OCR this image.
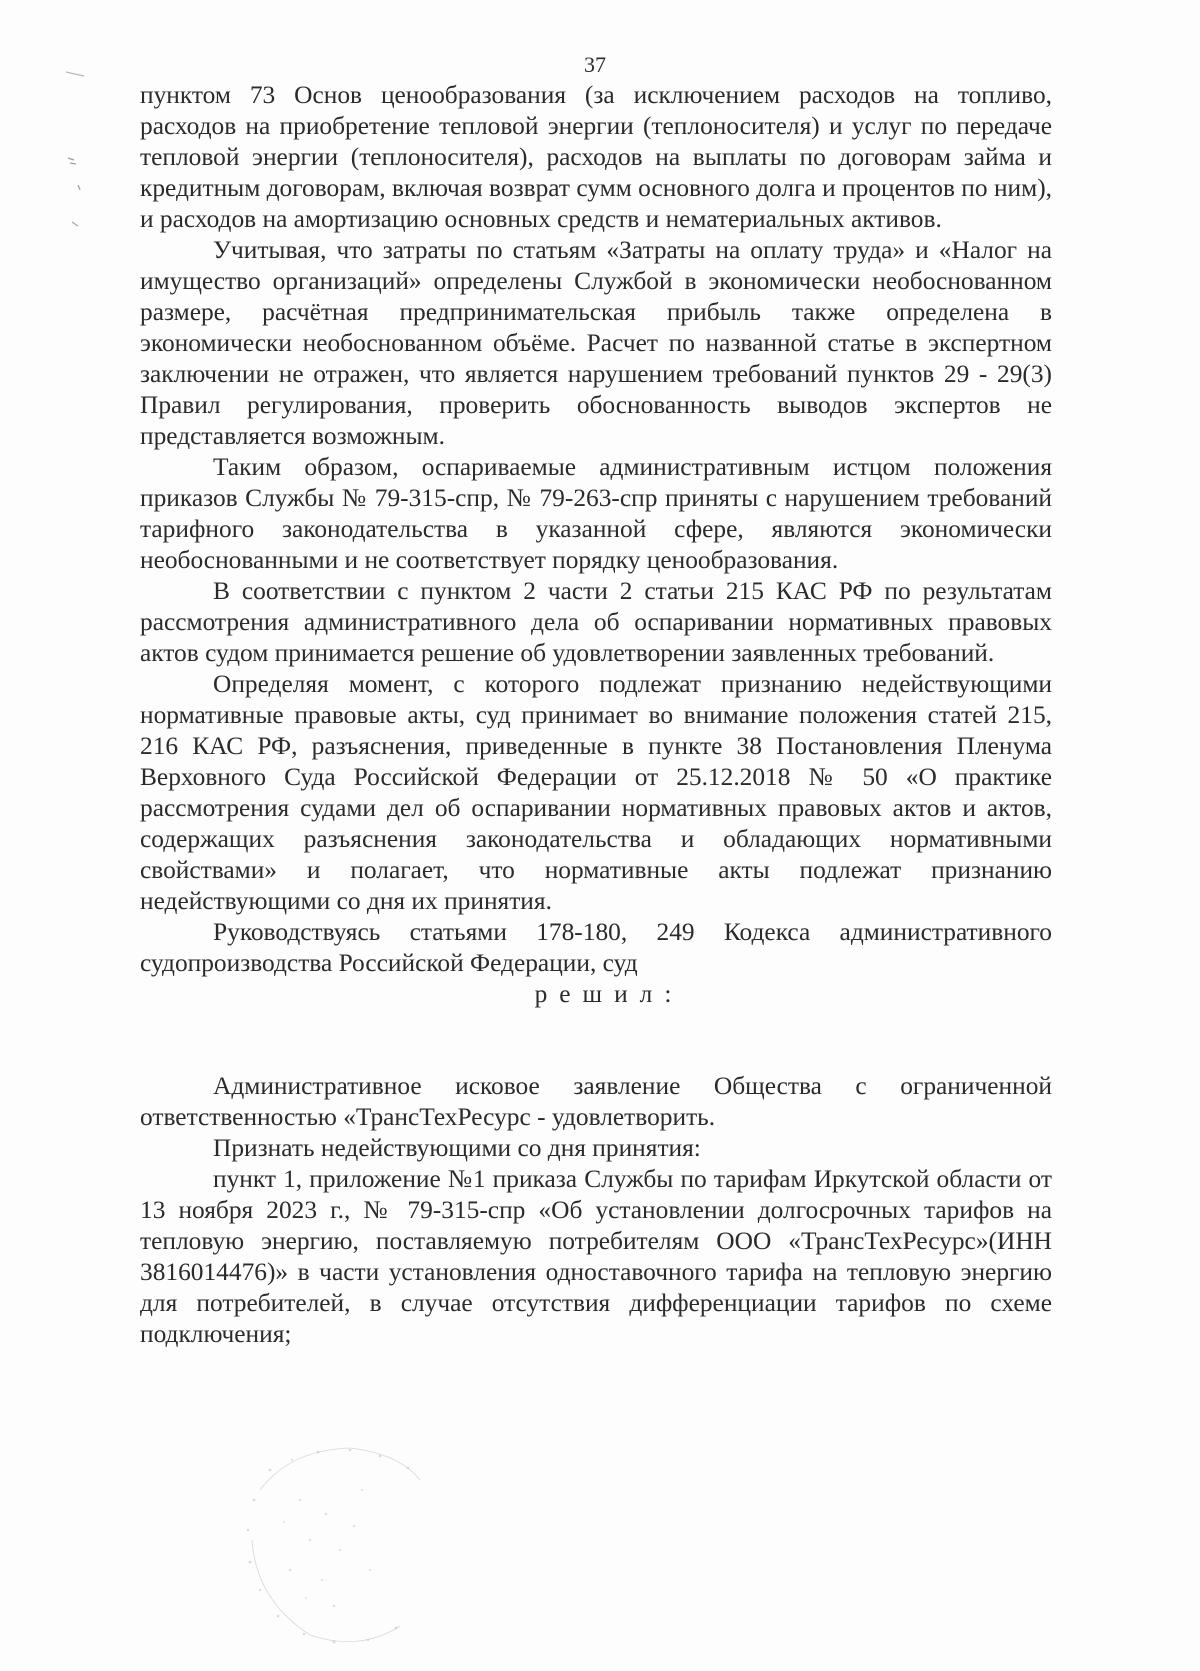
37

пунктом 73 Основ ценообразования (за исключением расходов на топливо, расходов на приобретение тепловой энергии (теплоносителя) и услуг по передаче тепловой энергии (теплоносителя), расходов на выплаты по договорам займа и кредитным договорам, включая возврат сумм основного долга и процентов по ним), и расходов на амортизацию основных средств и нематериальных активов.

Учитывая, что затраты по статьям «Затраты на оплату труда» и «Налог на имущество организаций» определены Службой в экономически необоснованном размере, расчётная предпринимательская прибыль также определена в экономически необоснованном объёме. Расчет по названной статье в экспертном заключении не отражен, что является нарушением требований пунктов 29 - 29(3) Правил регулирования, проверить обоснованность выводов экспертов не представляется возможным.

Таким образом, оспариваемые административным истцом положения приказов Службы № 79-315-спр, № 79-263-спр приняты с нарушением требований тарифного законодательства в указанной сфере, являются экономически необоснованными и не соответствует порядку ценообразования.

В соответствии с пунктом 2 части 2 статьи 215 КАС РФ по результатам рассмотрения административного дела об оспаривании нормативных правовых актов судом принимается решение об удовлетворении заявленных требований.

Определяя момент, с которого подлежат признанию недействующими нормативные правовые акты, суд принимает во внимание положения статей 215, 216 КАС РФ, разъяснения, приведенные в пункте 38 Постановления Пленума Верховного Суда Российской Федерации от 25.12.2018 № 50 «О практике рассмотрения судами дел об оспаривании нормативных правовых актов и актов, содержащих разъяснения законодательства и обладающих нормативными свойствами» и полагает, что нормативные акты подлежат признанию недействующими со дня их принятия.

Руководствуясь статьями 178-180, 249 Кодекса административного судопроизводства Российской Федерации, суд

решил:

Административное исковое заявление Общества с ограниченной ответственностью «ТрансТехРесурс - удовлетворить.

Признать недействующими со дня принятия:

пункт 1, приложение №1 приказа Службы по тарифам Иркутской области от 13 ноября 2023 г., № 79-315-спр «Об установлении долгосрочных тарифов на тепловую энергию, поставляемую потребителям ООО «ТрансТехРесурс»(ИНН 3816014476)» в части установления одноставочного тарифа на тепловую энергию для потребителей, в случае отсутствия дифференциации тарифов по схеме подключения;
